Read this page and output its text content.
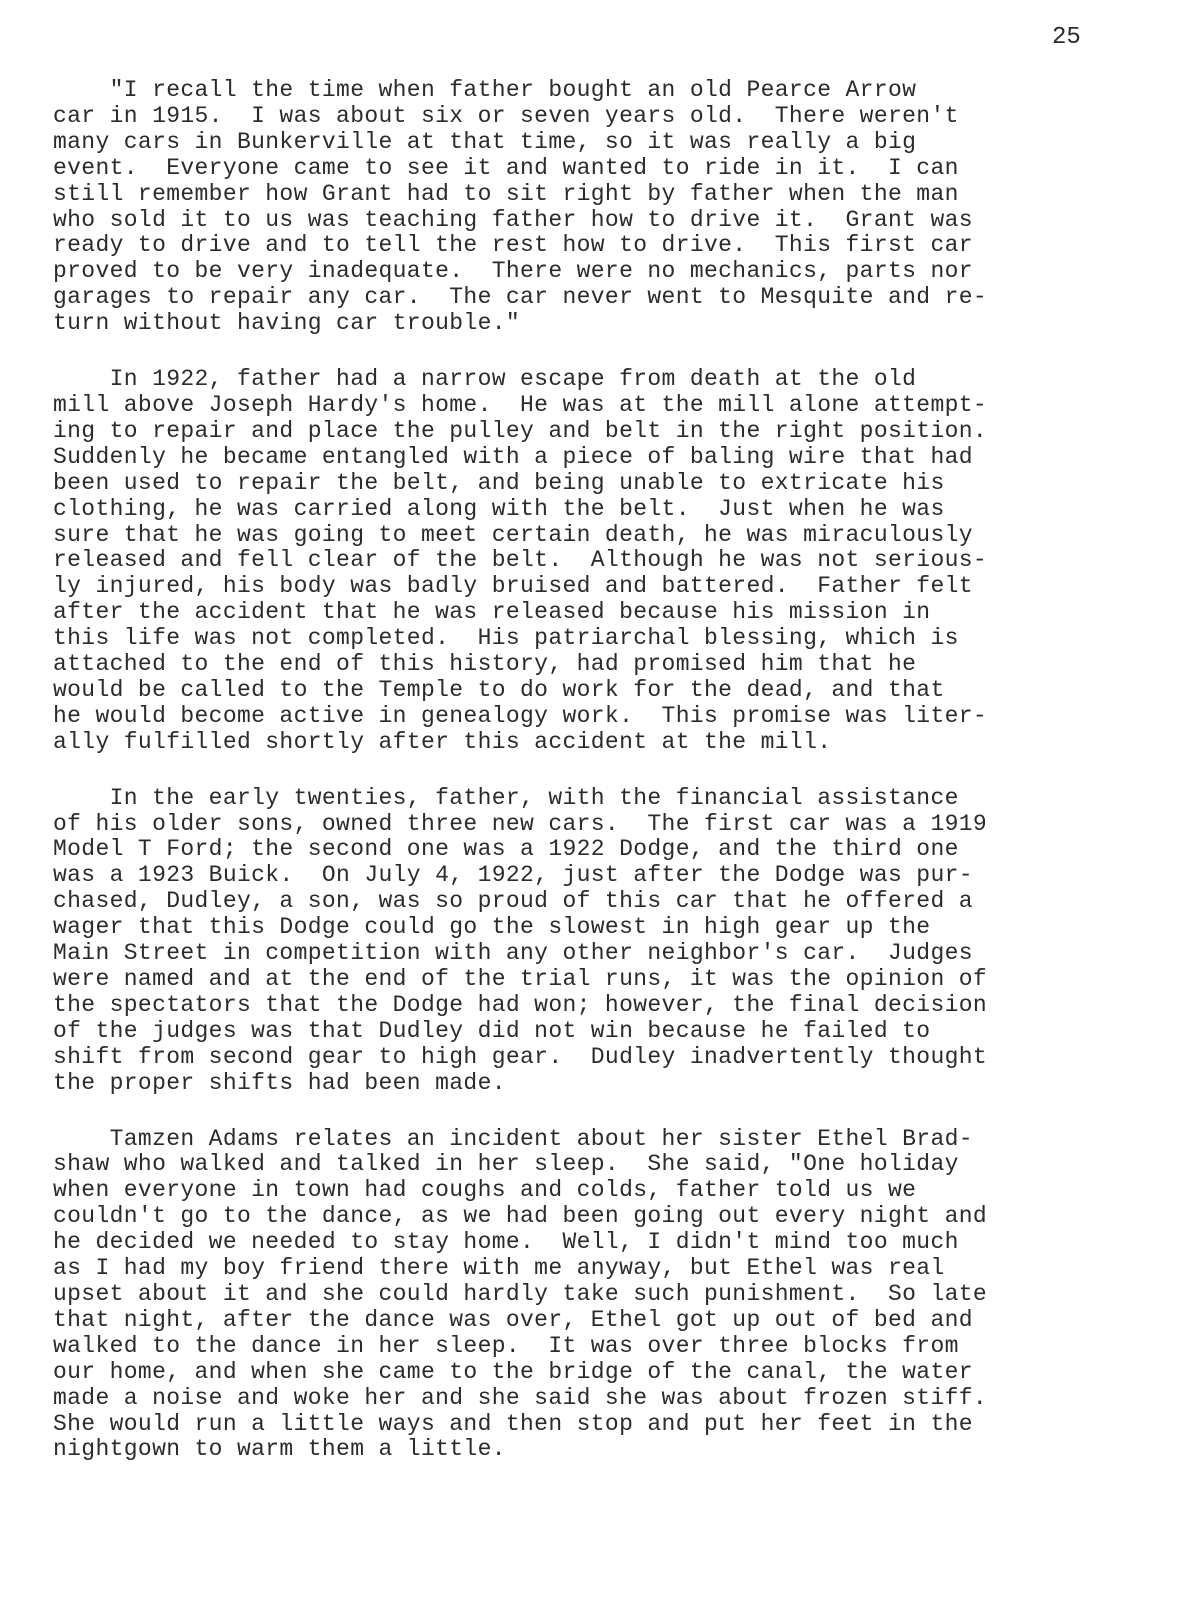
25
"I recall the time when father bought an old Pearce Arrow
car in 1915.  I was about six or seven years old.  There weren't
many cars in Bunkerville at that time, so it was really a big
event.  Everyone came to see it and wanted to ride in it.  I can
still remember how Grant had to sit right by father when the man
who sold it to us was teaching father how to drive it.  Grant was
ready to drive and to tell the rest how to drive.  This first car
proved to be very inadequate.  There were no mechanics, parts nor
garages to repair any car.  The car never went to Mesquite and re-
turn without having car trouble."
In 1922, father had a narrow escape from death at the old
mill above Joseph Hardy's home.  He was at the mill alone attempt-
ing to repair and place the pulley and belt in the right position.
Suddenly he became entangled with a piece of baling wire that had
been used to repair the belt, and being unable to extricate his
clothing, he was carried along with the belt.  Just when he was
sure that he was going to meet certain death, he was miraculously
released and fell clear of the belt.  Although he was not serious-
ly injured, his body was badly bruised and battered.  Father felt
after the accident that he was released because his mission in
this life was not completed.  His patriarchal blessing, which is
attached to the end of this history, had promised him that he
would be called to the Temple to do work for the dead, and that
he would become active in genealogy work.  This promise was liter-
ally fulfilled shortly after this accident at the mill.
In the early twenties, father, with the financial assistance
of his older sons, owned three new cars.  The first car was a 1919
Model T Ford; the second one was a 1922 Dodge, and the third one
was a 1923 Buick.  On July 4, 1922, just after the Dodge was pur-
chased, Dudley, a son, was so proud of this car that he offered a
wager that this Dodge could go the slowest in high gear up the
Main Street in competition with any other neighbor's car.  Judges
were named and at the end of the trial runs, it was the opinion of
the spectators that the Dodge had won; however, the final decision
of the judges was that Dudley did not win because he failed to
shift from second gear to high gear.  Dudley inadvertently thought
the proper shifts had been made.
Tamzen Adams relates an incident about her sister Ethel Brad-
shaw who walked and talked in her sleep.  She said, "One holiday
when everyone in town had coughs and colds, father told us we
couldn't go to the dance, as we had been going out every night and
he decided we needed to stay home.  Well, I didn't mind too much
as I had my boy friend there with me anyway, but Ethel was real
upset about it and she could hardly take such punishment.  So late
that night, after the dance was over, Ethel got up out of bed and
walked to the dance in her sleep.  It was over three blocks from
our home, and when she came to the bridge of the canal, the water
made a noise and woke her and she said she was about frozen stiff.
She would run a little ways and then stop and put her feet in the
nightgown to warm them a little.
